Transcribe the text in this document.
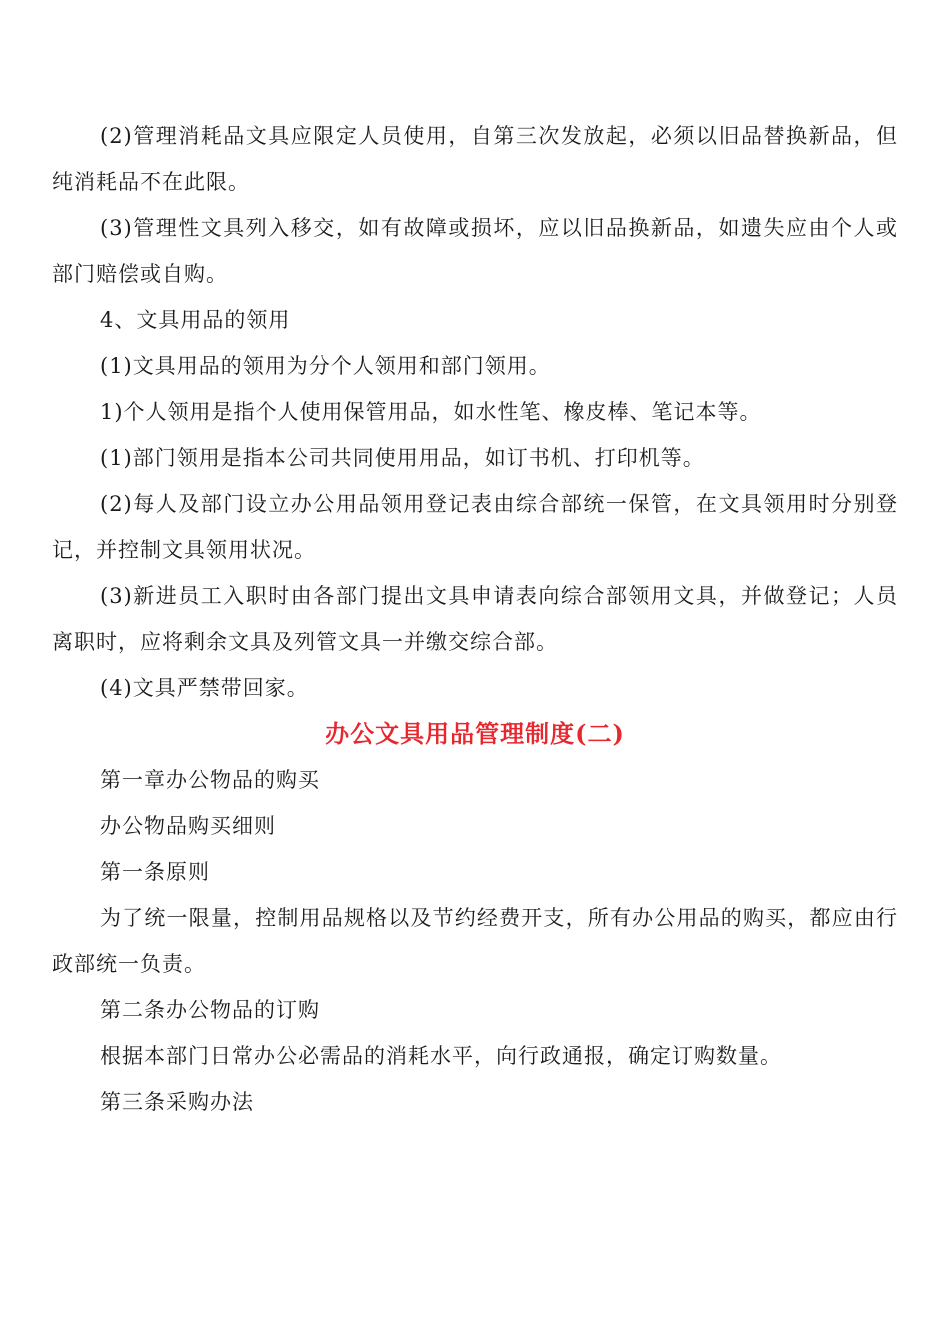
(2)管理消耗品文具应限定人员使用，自第三次发放起，必须以旧品替换新品，但纯消耗品不在此限。

(3)管理性文具列入移交，如有故障或损坏，应以旧品换新品，如遗失应由个人或部门赔偿或自购。

4、文具用品的领用

(1)文具用品的领用为分个人领用和部门领用。

1)个人领用是指个人使用保管用品，如水性笔、橡皮棒、笔记本等。

(1)部门领用是指本公司共同使用用品，如订书机、打印机等。

(2)每人及部门设立办公用品领用登记表由综合部统一保管，在文具领用时分别登记，并控制文具领用状况。

(3)新进员工入职时由各部门提出文具申请表向综合部领用文具，并做登记；人员离职时，应将剩余文具及列管文具一并缴交综合部。

(4)文具严禁带回家。

办公文具用品管理制度(二)

第一章办公物品的购买

办公物品购买细则

第一条原则

为了统一限量，控制用品规格以及节约经费开支，所有办公用品的购买，都应由行政部统一负责。

第二条办公物品的订购

根据本部门日常办公必需品的消耗水平，向行政通报，确定订购数量。

第三条采购办法
